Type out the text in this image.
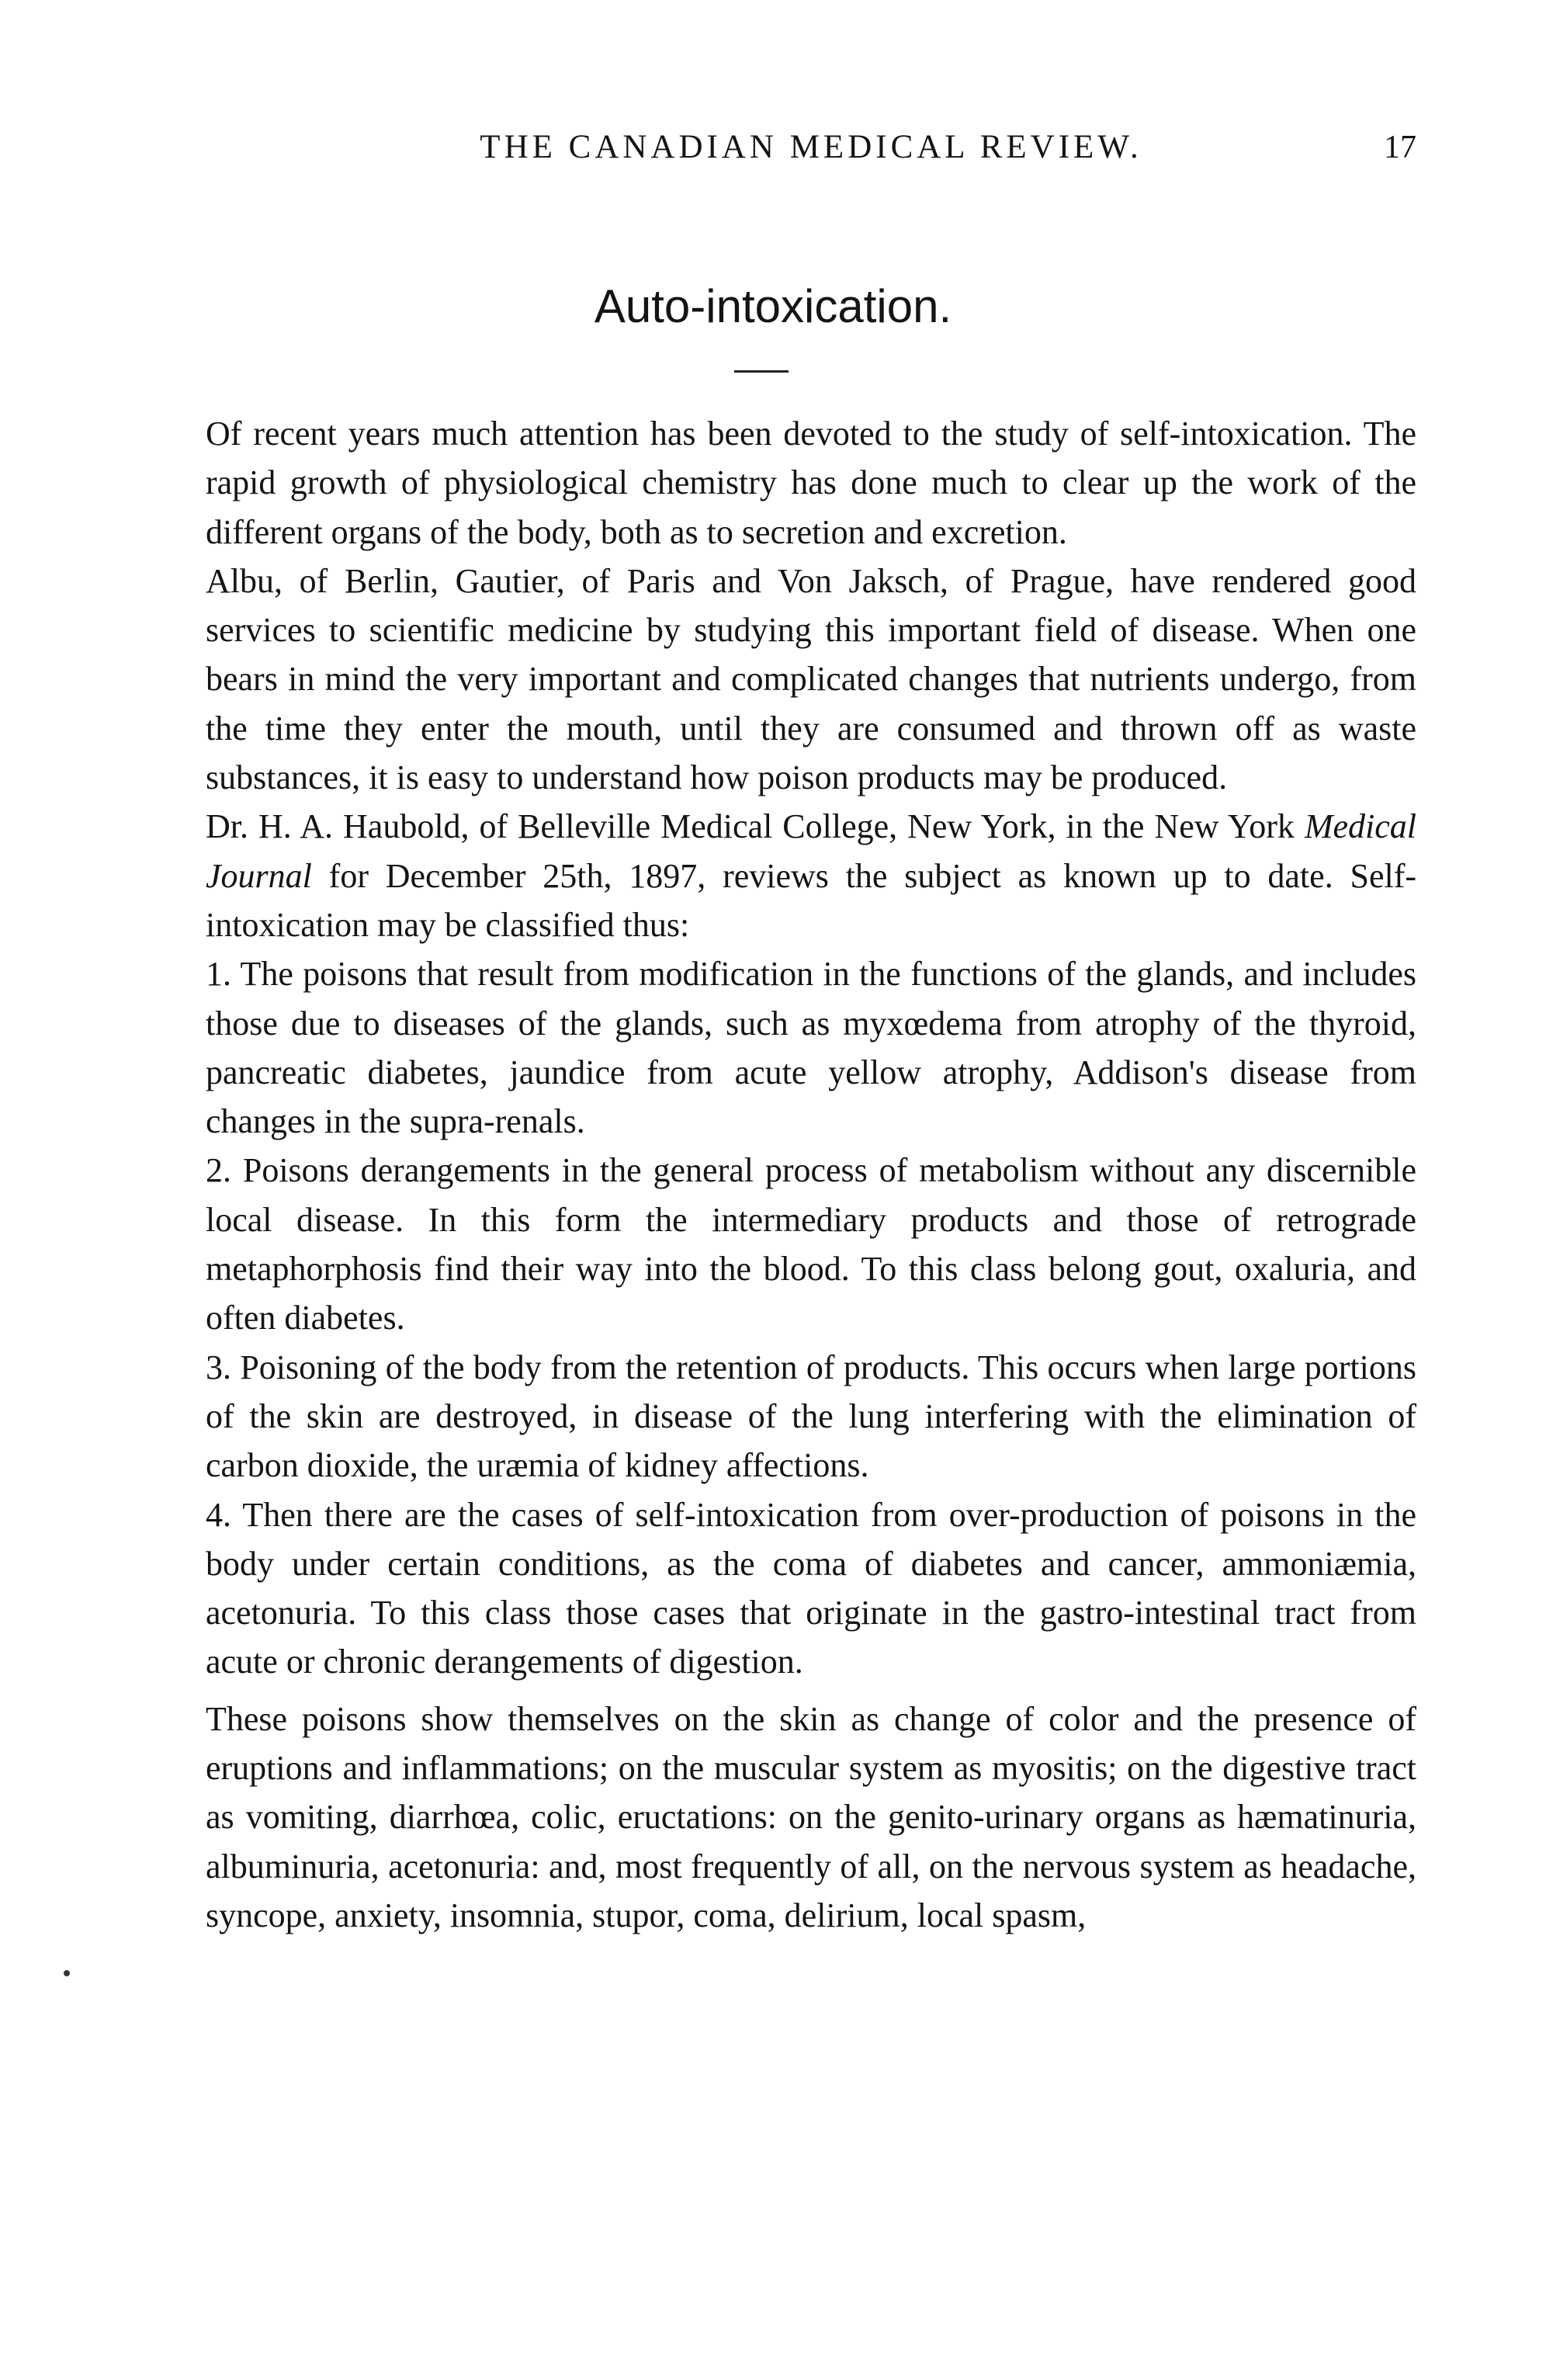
THE CANADIAN MEDICAL REVIEW.	17
Auto-intoxication.

Of recent years much attention has been devoted to the study of self-intoxication. The rapid growth of physiological chemistry has done much to clear up the work of the different organs of the body, both as to secretion and excretion.

Albu, of Berlin, Gautier, of Paris and Von Jaksch, of Prague, have rendered good services to scientific medicine by studying this important field of disease. When one bears in mind the very important and complicated changes that nutrients undergo, from the time they enter the mouth, until they are consumed and thrown off as waste substances, it is easy to understand how poison products may be produced.

Dr. H. A. Haubold, of Belleville Medical College, New York, in the New York Medical Journal for December 25th, 1897, reviews the subject as known up to date. Self-intoxication may be classified thus:

1. The poisons that result from modification in the functions of the glands, and includes those due to diseases of the glands, such as myxœdema from atrophy of the thyroid, pancreatic diabetes, jaundice from acute yellow atrophy, Addison's disease from changes in the supra-renals.

2. Poisons derangements in the general process of metabolism without any discernible local disease. In this form the intermediary products and those of retrograde metaphorphosis find their way into the blood. To this class belong gout, oxaluria, and often diabetes.

3. Poisoning of the body from the retention of products. This occurs when large portions of the skin are destroyed, in disease of the lung interfering with the elimination of carbon dioxide, the uræmia of kidney affections.

4. Then there are the cases of self-intoxication from over-production of poisons in the body under certain conditions, as the coma of diabetes and cancer, ammoniæmia, acetonuria. To this class those cases that originate in the gastro-intestinal tract from acute or chronic derangements of digestion.

These poisons show themselves on the skin as change of color and the presence of eruptions and inflammations; on the muscular system as myositis; on the digestive tract as vomiting, diarrhœa, colic, eructations: on the genito-urinary organs as hæmatinuria, albuminuria, acetonuria: and, most frequently of all, on the nervous system as headache, syncope, anxiety, insomnia, stupor, coma, delirium, local spasm,
